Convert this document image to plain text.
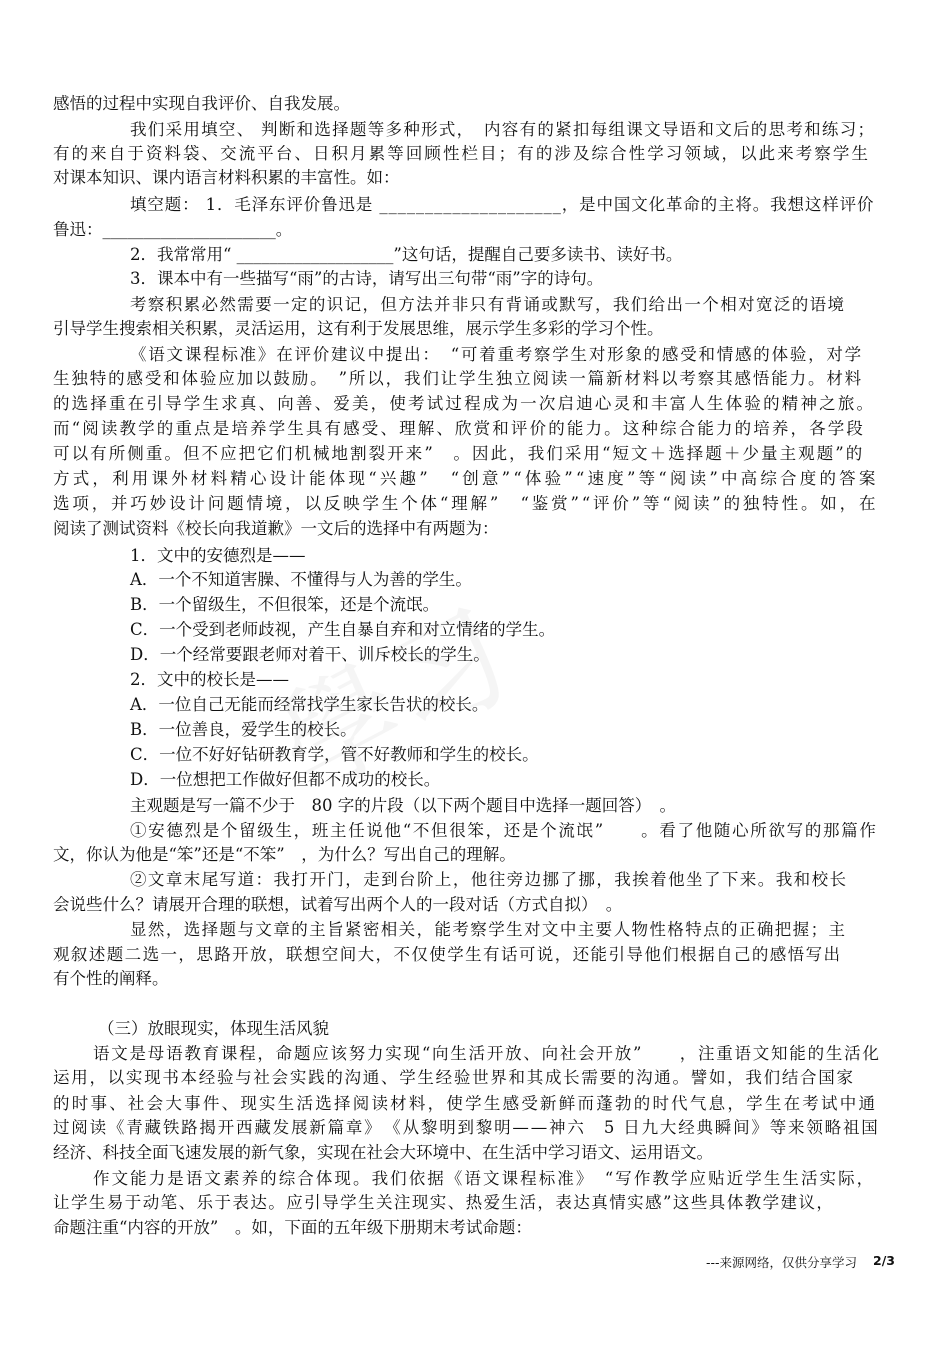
感悟的过程中实现自我评价、自我发展。
我们采用填空、 判断和选择题等多种形式，　内容有的紧扣每组课文导语和文后的思考和练习；
有的来自于资料袋、交流平台、日积月累等回顾性栏目；有的涉及综合性学习领域，以此来考察学生
对课本知识、课内语言材料积累的丰富性。如：
填空题： 1．毛泽东评价鲁迅是 ____________________，是中国文化革命的主将。我想这样评价
鲁迅：_____________________。
2．我常常用“ ___________________”这句话，提醒自己要多读书、读好书。
3．课本中有一些描写“雨”的古诗，请写出三句带“雨”字的诗句。
考察积累必然需要一定的识记，但方法并非只有背诵或默写，我们给出一个相对宽泛的语境
引导学生搜索相关积累，灵活运用，这有利于发展思维，展示学生多彩的学习个性。
《语文课程标准》在评价建议中提出：　“可着重考察学生对形象的感受和情感的体验，对学
生独特的感受和体验应加以鼓励。　”所以，我们让学生独立阅读一篇新材料以考察其感悟能力。材料
的选择重在引导学生求真、向善、爱美，使考试过程成为一次启迪心灵和丰富人生体验的精神之旅。
而“阅读教学的重点是培养学生具有感受、理解、欣赏和评价的能力。这种综合能力的培养，各学段
可以有所侧重。但不应把它们机械地割裂开来”　。因此，我们采用“短文＋选择题＋少量主观题”的
方式，利用课外材料精心设计能体现“兴趣”　“创意”“体验”“速度”等“阅读”中高综合度的答案
选项，并巧妙设计问题情境，以反映学生个体“理解”　“鉴赏”“评价”等“阅读”的独特性。如，在
阅读了测试资料《校长向我道歉》一文后的选择中有两题为：
1．文中的安德烈是——
A．一个不知道害臊、不懂得与人为善的学生。
B．一个留级生，不但很笨，还是个流氓。
C．一个受到老师歧视，产生自暴自弃和对立情绪的学生。
D．一个经常要跟老师对着干、训斥校长的学生。
2．文中的校长是——
A．一位自己无能而经常找学生家长告状的校长。
B．一位善良，爱学生的校长。
C．一位不好好钻研教育学，管不好教师和学生的校长。
D．一位想把工作做好但都不成功的校长。
主观题是写一篇不少于　80 字的片段（以下两个题目中选择一题回答）　。
①安德烈是个留级生，班主任说他“不但很笨，还是个流氓”　　。看了他随心所欲写的那篇作
文，你认为他是“笨”还是“不笨”　，为什么？写出自己的理解。
②文章末尾写道：我打开门，走到台阶上，他往旁边挪了挪，我挨着他坐了下来。我和校长
会说些什么？请展开合理的联想，试着写出两个人的一段对话（方式自拟）　。
显然，选择题与文章的主旨紧密相关，能考察学生对文中主要人物性格特点的正确把握；主
观叙述题二选一，思路开放，联想空间大，不仅使学生有话可说，还能引导他们根据自己的感悟写出
有个性的阐释。
（三）放眼现实，体现生活风貌
语文是母语教育课程，命题应该努力实现“向生活开放、向社会开放”　　，注重语文知能的生活化
运用，以实现书本经验与社会实践的沟通、学生经验世界和其成长需要的沟通。譬如，我们结合国家
的时事、社会大事件、现实生活选择阅读材料，使学生感受新鲜而蓬勃的时代气息，学生在考试中通
过阅读《青藏铁路揭开西藏发展新篇章》　《从黎明到黎明——神六　5 日九大经典瞬间》等来领略祖国
经济、科技全面飞速发展的新气象，实现在社会大环境中、在生活中学习语文、运用语文。
作文能力是语文素养的综合体现。我们依据《语文课程标准》　“写作教学应贴近学生生活实际，
让学生易于动笔、乐于表达。应引导学生关注现实、热爱生活，表达真情实感”这些具体教学建议，
命题注重“内容的开放”　。如，下面的五年级下册期末考试命题：
---来源网络，仅供分享学习 2/3
